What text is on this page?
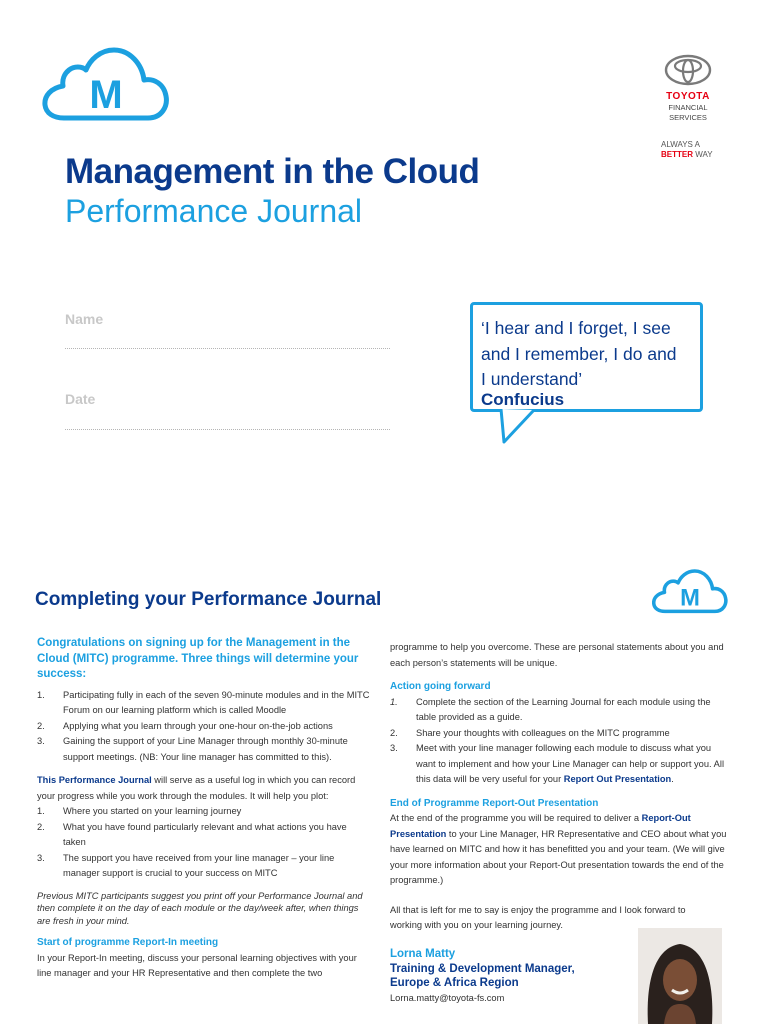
M	TOYOTA
FINANCIAL
SERVICES
ALWAYS A
BETTER WAY
Management in the Cloud
Performance Journal
Name
Date
‘I hear and I forget, I see
and I remember, I do and
I understand’
Confucius
Completing your Performance Journal	M

Congratulations on signing up for the Management in the Cloud (MITC) programme. Three things will determine your success:

1. Participating fully in each of the seven 90-minute modules and in the MITC Forum on our learning platform which is called Moodle
2. Applying what you learn through your one-hour on-the-job actions
3. Gaining the support of your Line Manager through monthly 30-minute support meetings. (NB: Your line manager has committed to this).

This Performance Journal will serve as a useful log in which you can record your progress while you work through the modules. It will help you plot:

1. Where you started on your learning journey
2. What you have found particularly relevant and what actions you have taken
3. The support you have received from your line manager – your line manager support is crucial to your success on MITC

Previous MITC participants suggest you print off your Performance Journal and then complete it on the day of each module or the day/week after, when things are fresh in your mind.

Start of programme Report-In meeting

In your Report-In meeting, discuss your personal learning objectives with your line manager and your HR Representative and then complete the two

programme to help you overcome. These are personal statements about you and each person’s statements will be unique.

Action going forward

1. Complete the section of the Learning Journal for each module using the table provided as a guide.
2. Share your thoughts with colleagues on the MITC programme
3. Meet with your line manager following each module to discuss what you want to implement and how your Line Manager can help or support you. All this data will be very useful for your Report Out Presentation.

End of Programme Report-Out Presentation

At the end of the programme you will be required to deliver a Report-Out Presentation to your Line Manager, HR Representative and CEO about what you have learned on MITC and how it has benefitted you and your team. (We will give your more information about your Report-Out presentation towards the end of the programme.)

All that is left for me to say is enjoy the programme and I look forward to working with you on your learning journey.

Lorna Matty
Training & Development Manager,
Europe & Africa Region
Lorna.matty@toyota-fs.com
